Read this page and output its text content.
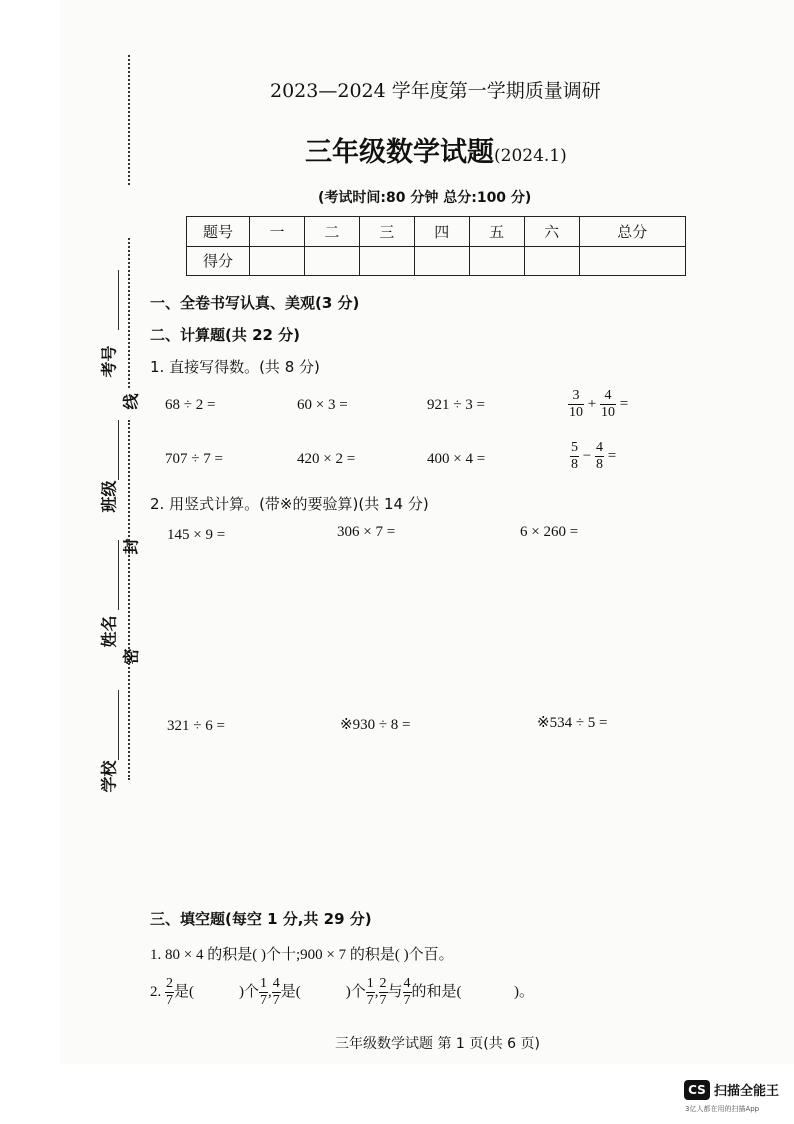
考号
线
班级
封
姓名
密
学校
2023—2024 学年度第一学期质量调研
三年级数学试题(2024.1)
(考试时间:80 分钟 总分:100 分)
题号	一	二	三	四	五	六	总分
得分							
一、全卷书写认真、美观(3 分)
二、计算题(共 22 分)
1. 直接写得数。(共 8 分)
68 ÷ 2 =	60 × 3 =	921 ÷ 3 =	$\frac{3}{10} + \frac{4}{10}$ =
707 ÷ 7 =	420 × 2 =	400 × 4 =	$\frac{5}{8} - \frac{4}{8}$ =
2. 用竖式计算。(带※的要验算)(共 14 分)
145 × 9 =	306 × 7 =	6 × 260 =
321 ÷ 6 =	※930 ÷ 8 =	※534 ÷ 5 =
三、填空题(每空 1 分,共 29 分)
1. 80 × 4 的积是( )个十;900 × 7 的积是( )个百。
2. $\frac{2}{7}$ 是(            )个 $\frac{1}{7}$ , $\frac{4}{7}$ 是(            )个 $\frac{1}{7}$ , $\frac{2}{7}$ 与 $\frac{4}{7}$ 的和是(              )。
三年级数学试题 第 1 页(共 6 页)
CS 扫描全能王
3亿人都在用的扫描App
